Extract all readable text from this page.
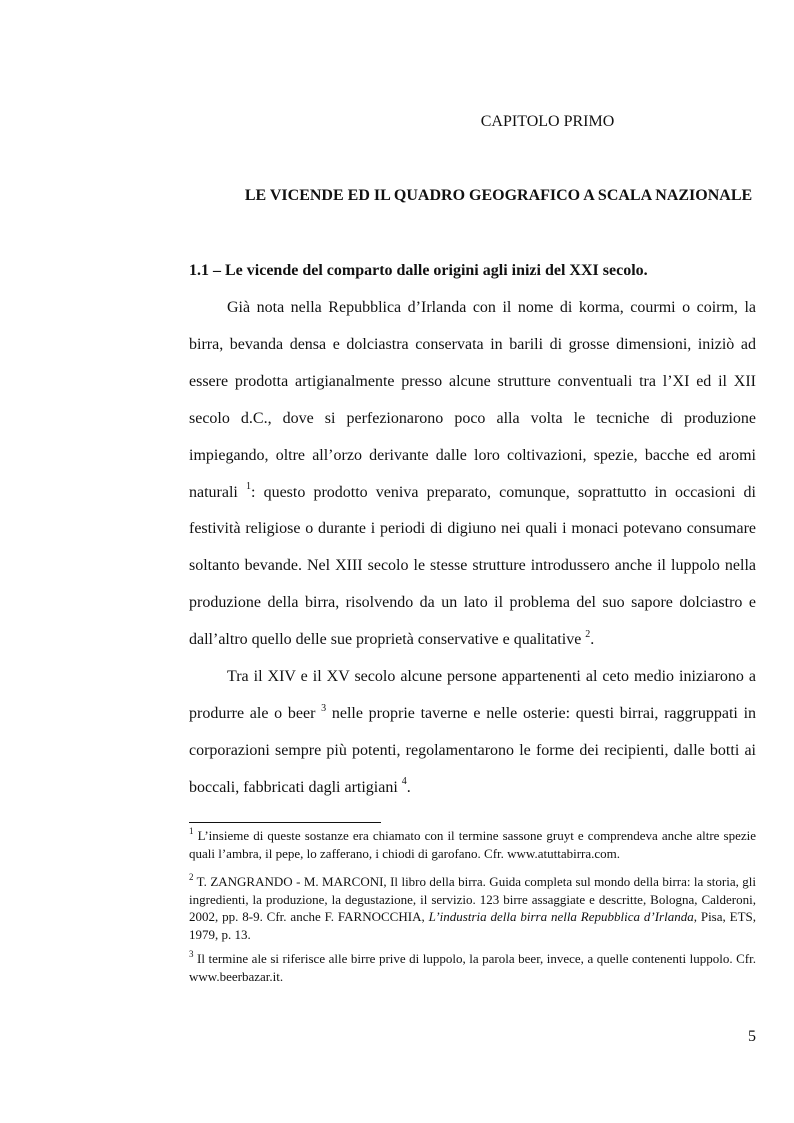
CAPITOLO PRIMO
LE VICENDE ED IL QUADRO GEOGRAFICO A SCALA NAZIONALE
1.1 – Le vicende del comparto dalle origini agli inizi del XXI secolo.

Già nota nella Repubblica d’Irlanda con il nome di korma, courmi o coirm, la birra, bevanda densa e dolciastra conservata in barili di grosse dimensioni, iniziò ad essere prodotta artigianalmente presso alcune strutture conventuali tra l’XI ed il XII secolo d.C., dove si perfezionarono poco alla volta le tecniche di produzione impiegando, oltre all’orzo derivante dalle loro coltivazioni, spezie, bacche ed aromi naturali $^1$: questo prodotto veniva preparato, comunque, soprattutto in occasioni di festività religiose o durante i periodi di digiuno nei quali i monaci potevano consumare soltanto bevande. Nel XIII secolo le stesse strutture introdussero anche il luppolo nella produzione della birra, risolvendo da un lato il problema del suo sapore dolciastro e dall’altro quello delle sue proprietà conservative e qualitative $^2$.

Tra il XIV e il XV secolo alcune persone appartenenti al ceto medio iniziarono a produrre ale o beer $^3$ nelle proprie taverne e nelle osterie: questi birrai, raggruppati in corporazioni sempre più potenti, regolamentarono le forme dei recipienti, dalle botti ai boccali, fabbricati dagli artigiani $^4$.

$^1$ L’insieme di queste sostanze era chiamato con il termine sassone gruyt e comprendeva anche altre spezie quali l’ambra, il pepe, lo zafferano, i chiodi di garofano. Cfr. www.atuttabirra.com.
$^2$ T. ZANGRANDO - M. MARCONI, Il libro della birra. Guida completa sul mondo della birra: la storia, gli ingredienti, la produzione, la degustazione, il servizio. 123 birre assaggiate e descritte, Bologna, Calderoni, 2002, pp. 8-9. Cfr. anche F. FARNOCCHIA, L’industria della birra nella Repubblica d’Irlanda, Pisa, ETS, 1979, p. 13.
$^3$ Il termine ale si riferisce alle birre prive di luppolo, la parola beer, invece, a quelle contenenti luppolo. Cfr. www.beerbazar.it.
5
